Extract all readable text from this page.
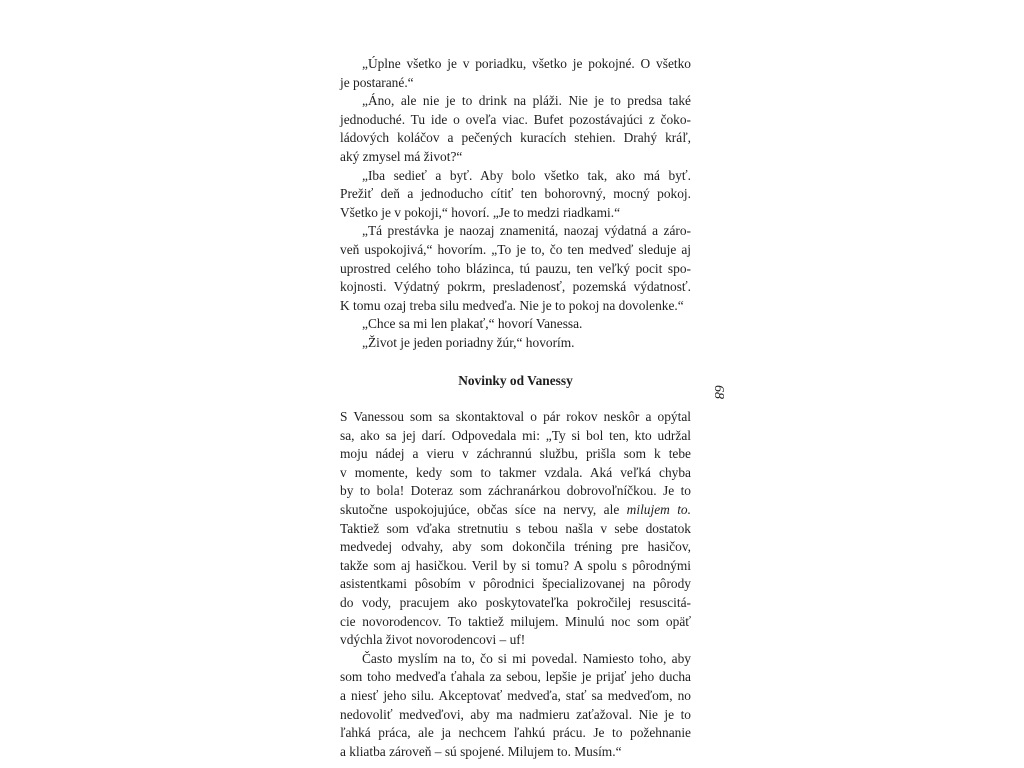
„Úplne všetko je v poriadku, všetko je pokojné. O všetko
je postarané.“

„Áno, ale nie je to drink na pláži. Nie je to predsa také
jednoduché. Tu ide o oveľa viac. Bufet pozostávajúci z čoko-
ládových koláčov a pečených kuracích stehien. Drahý kráľ,
aký zmysel má život?“

„Iba sedieť a byť. Aby bolo všetko tak, ako má byť.
Prežiť deň a jednoducho cítiť ten bohorovný, mocný pokoj.
Všetko je v pokoji,“ hovorí. „Je to medzi riadkami.“

„Tá prestávka je naozaj znamenitá, naozaj výdatná a záro-
veň uspokojivá,“ hovorím. „To je to, čo ten medveď sleduje aj
uprostred celého toho blázinca, tú pauzu, ten veľký pocit spo-
kojnosti. Výdatný pokrm, presladenosť, pozemská výdatnosť.
K tomu ozaj treba silu medveďa. Nie je to pokoj na dovolenke.“

„Chce sa mi len plakať,“ hovorí Vanessa.

„Život je jeden poriadny žúr,“ hovorím.

Novinky od Vanessy

S Vanessou som sa skontaktoval o pár rokov neskôr a opýtal
sa, ako sa jej darí. Odpovedala mi: „Ty si bol ten, kto udržal
moju nádej a vieru v záchrannú službu, prišla som k tebe
v momente, kedy som to takmer vzdala. Aká veľká chyba
by to bola! Doteraz som záchranárkou dobrovoľníčkou. Je to
skutočne uspokojujúce, občas síce na nervy, ale milujem to.
Taktiež som vďaka stretnutiu s tebou našla v sebe dostatok
medvedej odvahy, aby som dokončila tréning pre hasičov,
takže som aj hasičkou. Veril by si tomu? A spolu s pôrodnými
asistentkami pôsobím v pôrodnici špecializovanej na pôrody
do vody, pracujem ako poskytovateľka pokročilej resuscitá-
cie novorodencov. To taktiež milujem. Minulú noc som opäť
vdýchla život novorodencovi – uf!

Často myslím na to, čo si mi povedal. Namiesto toho, aby
som toho medveďa ťahala za sebou, lepšie je prijať jeho ducha
a niesť jeho silu. Akceptovať medveďa, stať sa medveďom, no
nedovoliť medveďovi, aby ma nadmieru zaťažoval. Nie je to
ľahká práca, ale ja nechcem ľahkú prácu. Je to požehnanie
a kliatba zároveň – sú spojené. Milujem to. Musím.“

68
